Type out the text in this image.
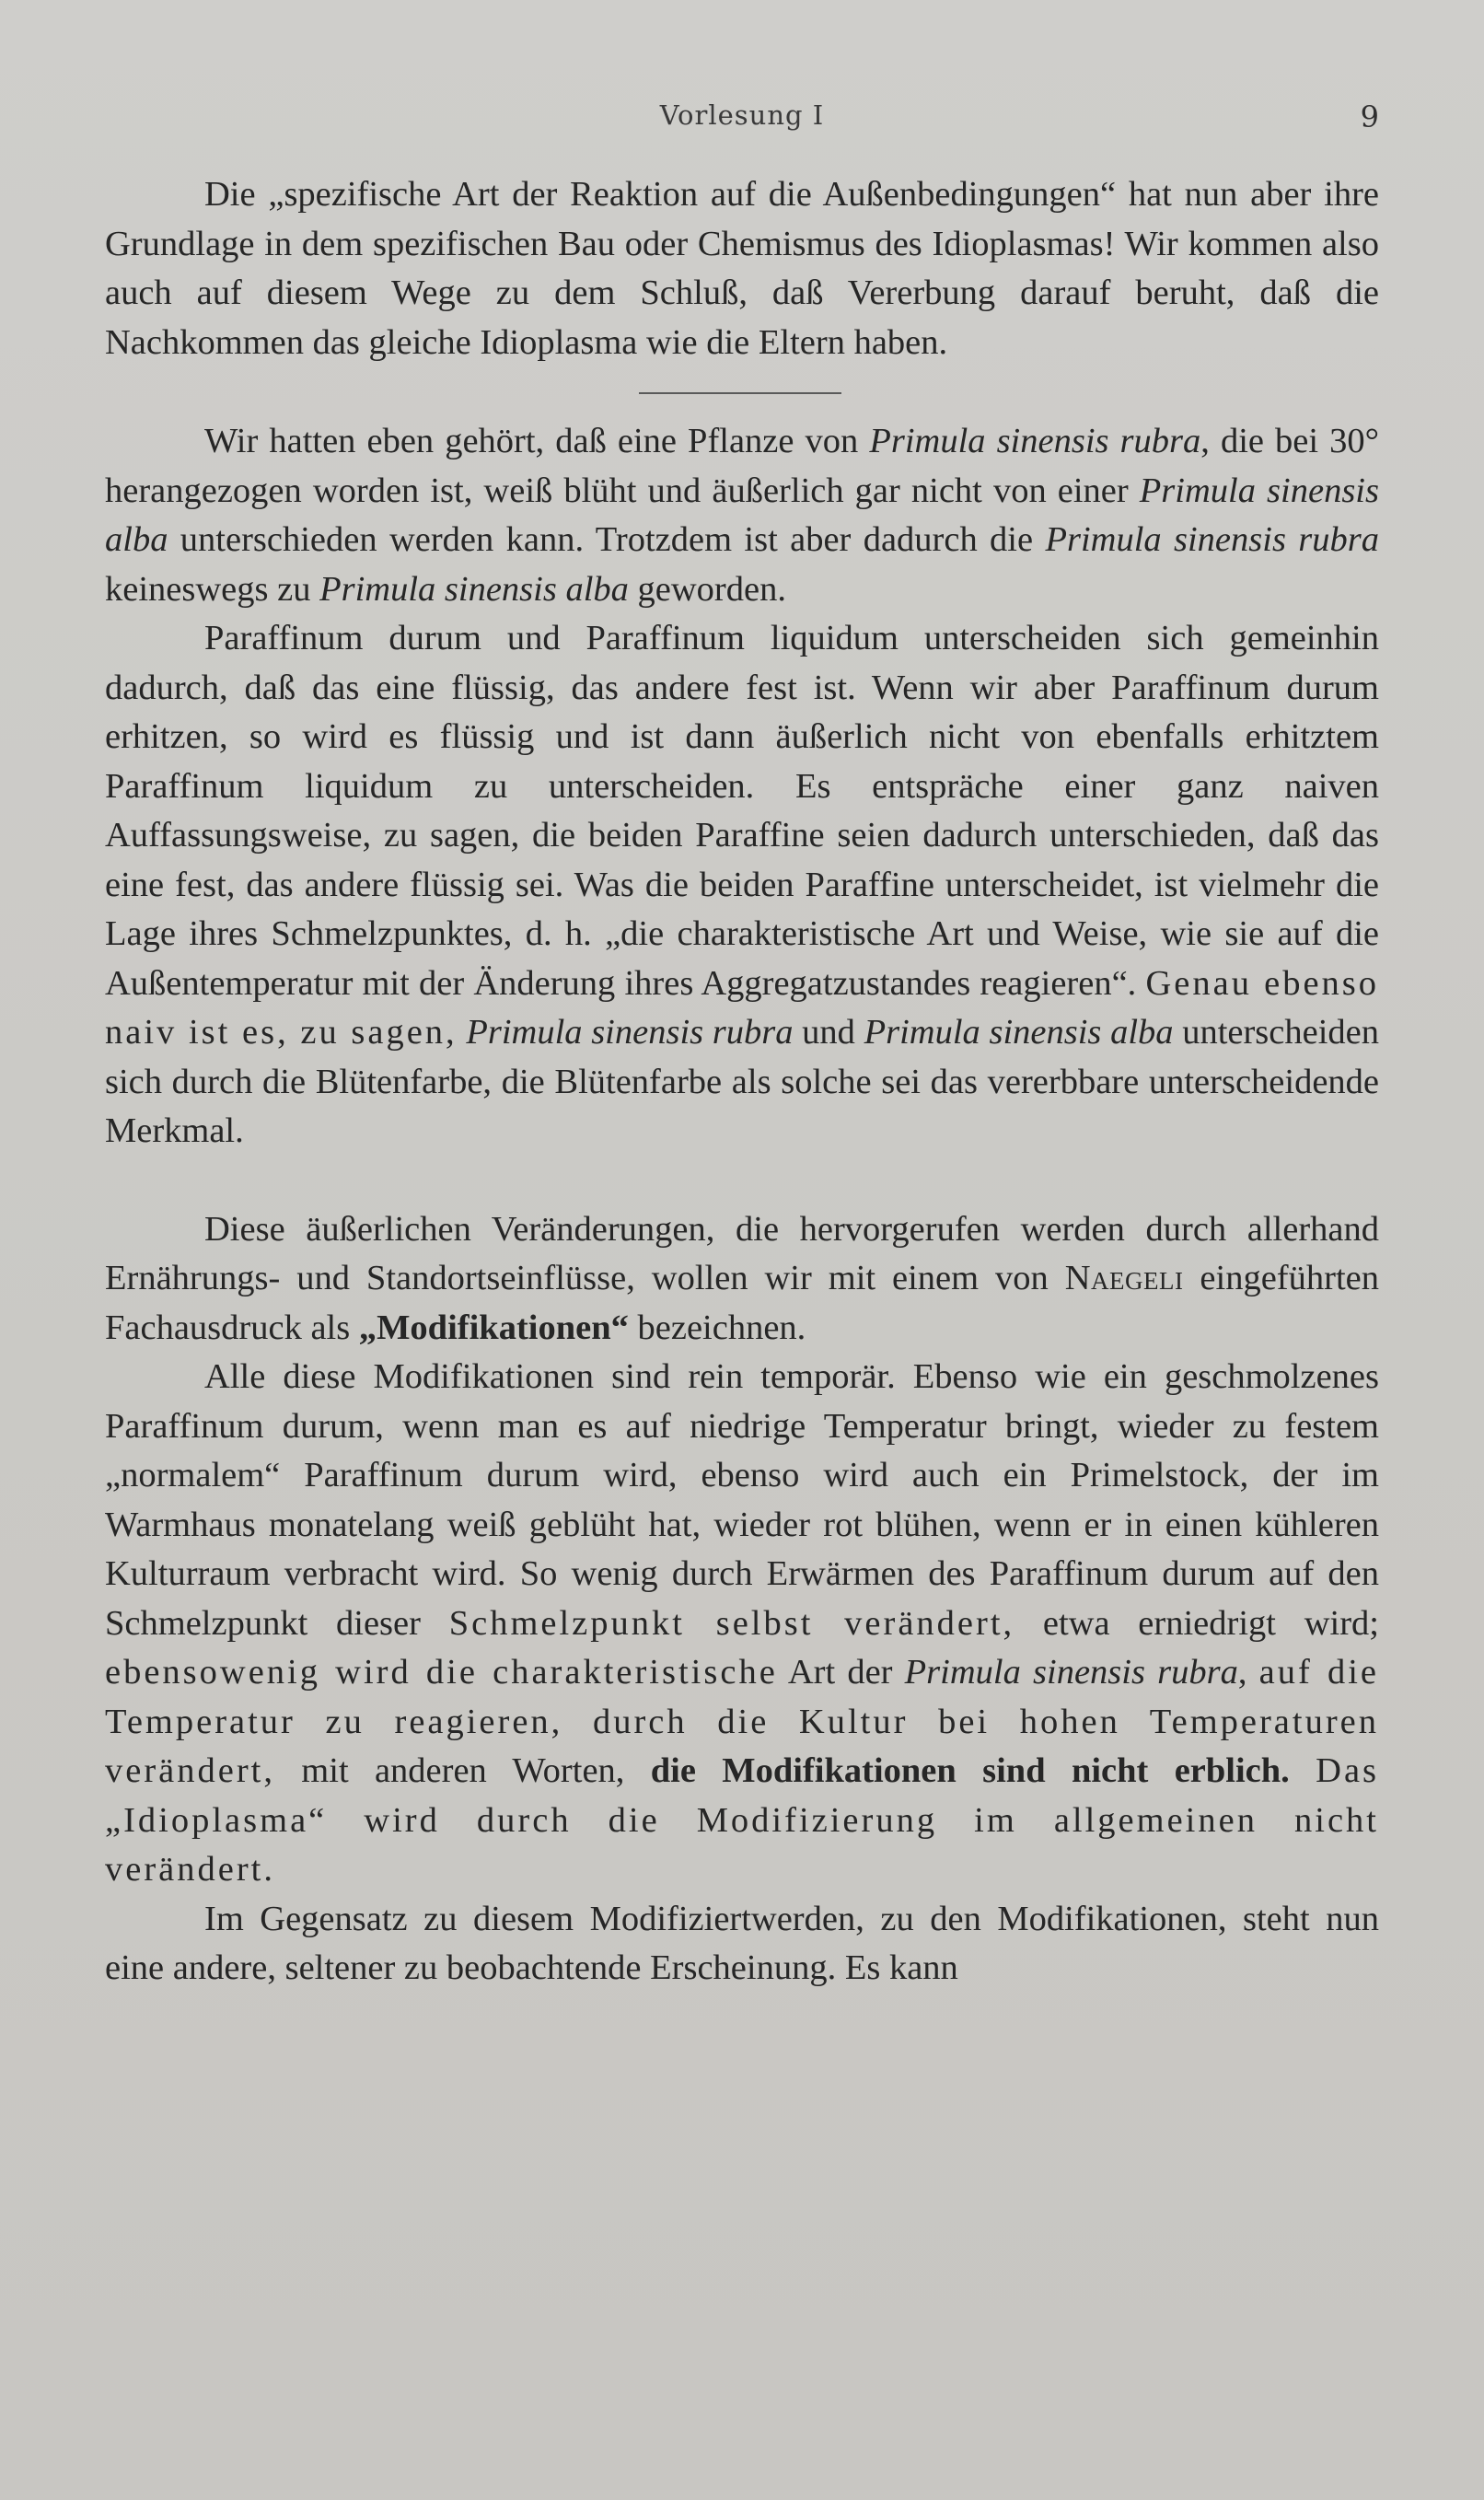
Vorlesung I	9

Die „spezifische Art der Reaktion auf die Außenbedingungen“ hat nun aber ihre Grundlage in dem spezifischen Bau oder Chemismus des Idioplasmas! Wir kommen also auch auf diesem Wege zu dem Schluß, daß Vererbung darauf beruht, daß die Nachkommen das gleiche Idioplasma wie die Eltern haben.

Wir hatten eben gehört, daß eine Pflanze von Primula sinensis rubra, die bei 30° herangezogen worden ist, weiß blüht und äußerlich gar nicht von einer Primula sinensis alba unterschieden werden kann. Trotzdem ist aber dadurch die Primula sinensis rubra keineswegs zu Primula sinensis alba geworden.

Paraffinum durum und Paraffinum liquidum unterscheiden sich gemeinhin dadurch, daß das eine flüssig, das andere fest ist. Wenn wir aber Paraffinum durum erhitzen, so wird es flüssig und ist dann äußerlich nicht von ebenfalls erhitztem Paraffinum liquidum zu unterscheiden. Es entspräche einer ganz naiven Auffassungsweise, zu sagen, die beiden Paraffine seien dadurch unterschieden, daß das eine fest, das andere flüssig sei. Was die beiden Paraffine unterscheidet, ist vielmehr die Lage ihres Schmelzpunktes, d. h. „die charakteristische Art und Weise, wie sie auf die Außentemperatur mit der Änderung ihres Aggregatzustandes reagieren“. Genau ebenso naiv ist es, zu sagen, Primula sinensis rubra und Primula sinensis alba unterscheiden sich durch die Blütenfarbe, die Blütenfarbe als solche sei das vererbbare unterscheidende Merkmal.

Diese äußerlichen Veränderungen, die hervorgerufen werden durch allerhand Ernährungs- und Standortseinflüsse, wollen wir mit einem von Naegeli eingeführten Fachausdruck als „Modifikationen“ bezeichnen.

Alle diese Modifikationen sind rein temporär. Ebenso wie ein geschmolzenes Paraffinum durum, wenn man es auf niedrige Temperatur bringt, wieder zu festem „normalem“ Paraffinum durum wird, ebenso wird auch ein Primelstock, der im Warmhaus monatelang weiß geblüht hat, wieder rot blühen, wenn er in einen kühleren Kulturraum verbracht wird. So wenig durch Erwärmen des Paraffinum durum auf den Schmelzpunkt dieser Schmelzpunkt selbst verändert, etwa erniedrigt wird; ebensowenig wird die charakteristische Art der Primula sinensis rubra, auf die Temperatur zu reagieren, durch die Kultur bei hohen Temperaturen verändert, mit anderen Worten, die Modifikationen sind nicht erblich. Das „Idioplasma“ wird durch die Modifizierung im allgemeinen nicht verändert.

Im Gegensatz zu diesem Modifiziertwerden, zu den Modifikationen, steht nun eine andere, seltener zu beobachtende Erscheinung. Es kann
